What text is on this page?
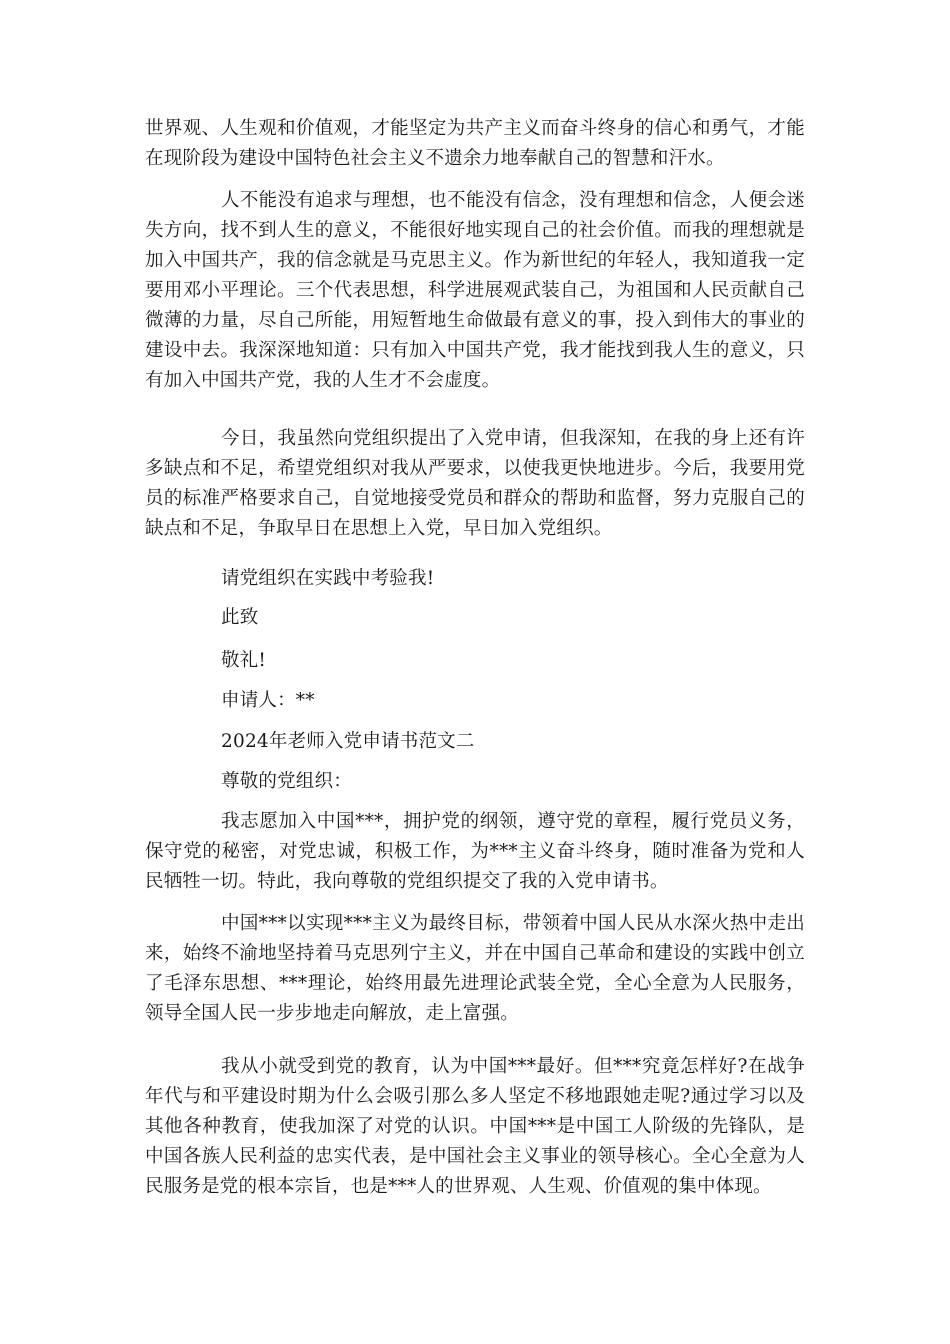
世界观、人生观和价值观，才能坚定为共产主义而奋斗终身的信心和勇气，才能在现阶段为建设中国特色社会主义不遗余力地奉献自己的智慧和汗水。

人不能没有追求与理想，也不能没有信念，没有理想和信念，人便会迷失方向，找不到人生的意义，不能很好地实现自己的社会价值。而我的理想就是加入中国共产，我的信念就是马克思主义。作为新世纪的年轻人，我知道我一定要用邓小平理论。三个代表思想，科学进展观武装自己，为祖国和人民贡献自己微薄的力量，尽自己所能，用短暂地生命做最有意义的事，投入到伟大的事业的建设中去。我深深地知道：只有加入中国共产党，我才能找到我人生的意义，只有加入中国共产党，我的人生才不会虚度。

今日，我虽然向党组织提出了入党申请，但我深知，在我的身上还有许多缺点和不足，希望党组织对我从严要求，以使我更快地进步。今后，我要用党员的标准严格要求自己，自觉地接受党员和群众的帮助和监督，努力克服自己的缺点和不足，争取早日在思想上入党，早日加入党组织。

请党组织在实践中考验我!

此致

敬礼!

申请人：**

2024年老师入党申请书范文二

尊敬的党组织：

我志愿加入中国***，拥护党的纲领，遵守党的章程，履行党员义务，保守党的秘密，对党忠诚，积极工作，为***主义奋斗终身，随时准备为党和人民牺牲一切。特此，我向尊敬的党组织提交了我的入党申请书。

中国***以实现***主义为最终目标，带领着中国人民从水深火热中走出来，始终不渝地坚持着马克思列宁主义，并在中国自己革命和建设的实践中创立了毛泽东思想、***理论，始终用最先进理论武装全党，全心全意为人民服务，领导全国人民一步步地走向解放，走上富强。

我从小就受到党的教育，认为中国***最好。但***究竟怎样好?在战争年代与和平建设时期为什么会吸引那么多人坚定不移地跟她走呢?通过学习以及其他各种教育，使我加深了对党的认识。中国***是中国工人阶级的先锋队，是中国各族人民利益的忠实代表，是中国社会主义事业的领导核心。全心全意为人民服务是党的根本宗旨，也是***人的世界观、人生观、价值观的集中体现。
